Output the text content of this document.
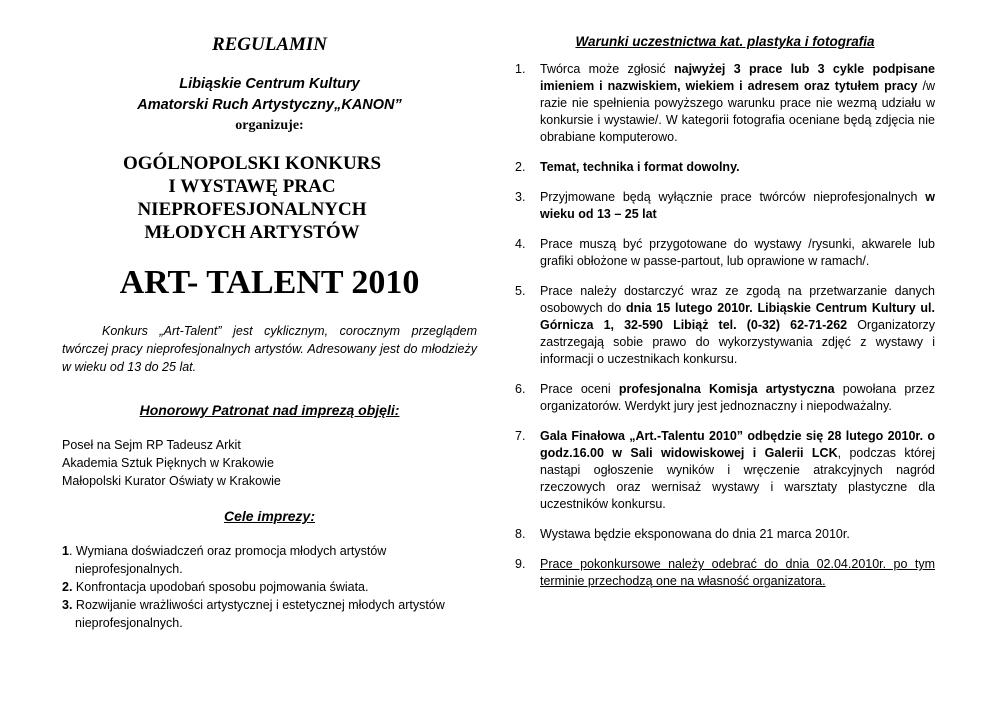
REGULAMIN
Libiąskie Centrum Kultury
Amatorski Ruch Artystyczny„KANON”
organizuje:
OGÓLNOPOLSKI KONKURS
I WYSTAWĘ PRAC
NIEPROFESJONALNYCH
MŁODYCH ARTYSTÓW
ART- TALENT 2010
Konkurs „Art-Talent” jest cyklicznym, corocznym przeglądem twórczej pracy nieprofesjonalnych artystów. Adresowany jest do młodzieży w wieku od 13 do 25 lat.
Honorowy Patronat nad imprezą objęli:
Poseł na Sejm RP Tadeusz Arkit
Akademia Sztuk Pięknych w Krakowie
Małopolski Kurator Oświaty w Krakowie
Cele imprezy:
1. Wymiana doświadczeń oraz promocja młodych artystów nieprofesjonalnych.
2. Konfrontacja upodobań sposobu pojmowania świata.
3. Rozwijanie wrażliwości artystycznej i estetycznej młodych artystów nieprofesjonalnych.
Warunki uczestnictwa kat. plastyka i fotografia
1.	Twórca może zgłosić najwyżej 3 prace lub 3 cykle podpisane imieniem i nazwiskiem, wiekiem i adresem oraz tytułem pracy /w razie nie spełnienia powyższego warunku prace nie wezmą udziału w konkursie i wystawie/. W kategorii fotografia oceniane będą zdjęcia nie obrabiane komputerowo.
2.	Temat, technika i format dowolny.
3.	Przyjmowane będą wyłącznie prace twórców nieprofesjonalnych w wieku od 13 – 25 lat
4.	Prace muszą być przygotowane do wystawy /rysunki, akwarele lub grafiki obłożone w passe-partout, lub oprawione w ramach/.
5.	Prace należy dostarczyć wraz ze zgodą na przetwarzanie danych osobowych do dnia 15 lutego 2010r. Libiąskie Centrum Kultury ul. Górnicza 1, 32-590 Libiąż tel. (0-32) 62-71-262 Organizatorzy zastrzegają sobie prawo do wykorzystywania zdjęć z wystawy i informacji o uczestnikach konkursu.
6.	Prace oceni profesjonalna Komisja artystyczna powołana przez organizatorów. Werdykt jury jest jednoznaczny i niepodważalny.
7.	Gala Finałowa „Art.-Talentu 2010” odbędzie się 28 lutego 2010r. o godz.16.00 w Sali widowiskowej i Galerii LCK, podczas której nastąpi ogłoszenie wyników i wręczenie atrakcyjnych nagród rzeczowych oraz wernisaż wystawy i warsztaty plastyczne dla uczestników konkursu.
8.	Wystawa będzie eksponowana do dnia 21 marca 2010r.
9.	Prace pokonkursowe należy odebrać do dnia 02.04.2010r. po tym terminie przechodzą one na własność organizatora.
